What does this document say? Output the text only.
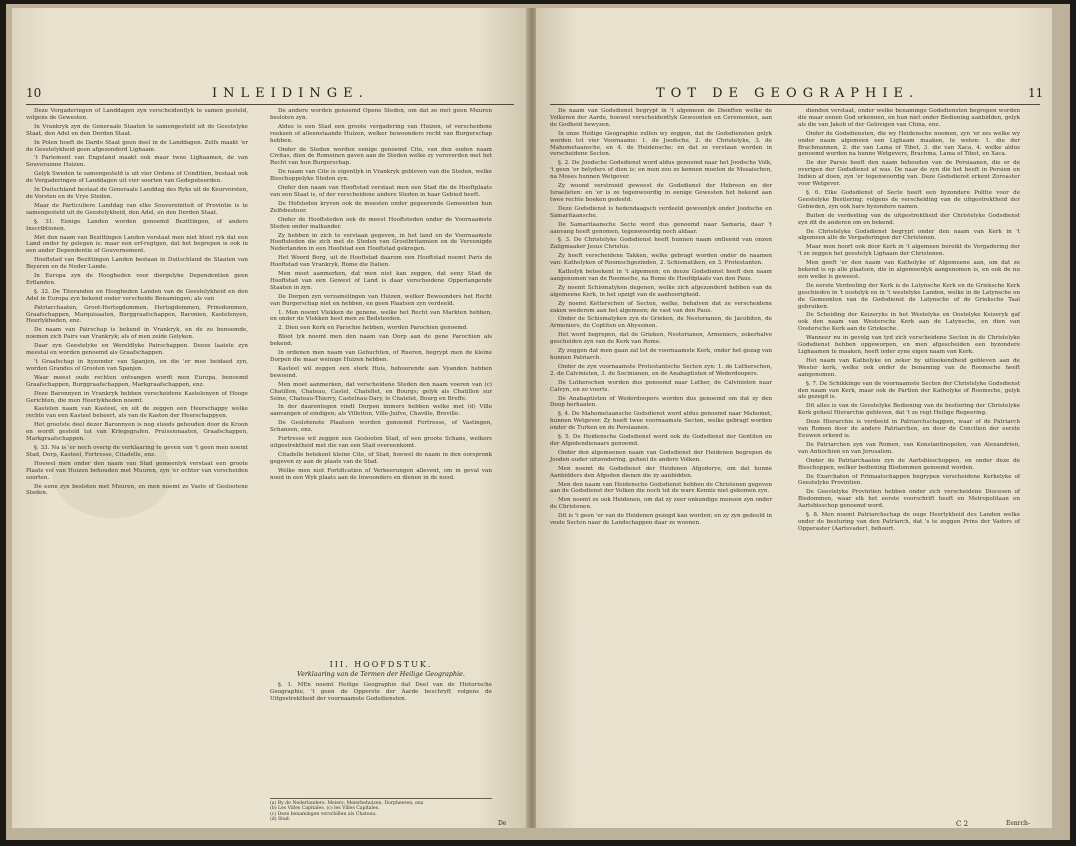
10	INLEIDINGE.

Deze Vergaderingen of Landdagen zyn verscheidentlyk te samen gesteld, volgens de Gewesten.

In Vrankryk zyn de Generaale Staaten te samengesteld uit de Geestelyke Staat, den Adel en den Derden Staat.

In Polen hoeft de Dardo Staat geen deel in de Landdagen. Zelfs maakt 'er de Geestelykheid geen afgezonderd Lighaam.

't Parlement van Engeland maakt ook maar twee Lighaamen, de van Souverainne Huizen.

Gelyk Sweden te samengesteld is uit vier Ordens of Conditien, bestaat ook de Vergaderingen of Landdagen uit vier soorten van Gedeputeerden.

In Duitschland bestaat de Generaale Landdag des Ryks uit de Keurvorsten, de Vorsten en de Vrye Steden.

Maar de Particuliere Landdag van elke Souvereiniteit of Provintie is te samengesteld uit de Geestelykheid, den Adel, en den Derden Staat.

§. 31. Eenige Landen worden genoemd Bezittingen, of anders Inscribtionen.

Met den naam van Bezittingen Landen verstaat men niet bloot ryk dat een Land onder hy gelegen is; maar een erf-regtgen, dat het begrepen is ook in een ander Dependentie of Gouvernement.

Hooftstad van Bezittingen Landen bestaan in Duitschland de Staaten van Beyeren en de Neder-Lande.

In Europa zyn de Hoogheden voor diergelyke Dependentien geen Erflanden.

§. 32. De Titeranden en Hoogheden Landen van de Geestelykheid en den Adel in Europa zyn bekend onder verscheide Benamingen; als van

Patriarchaaten, Groot-Hertogdommen, Hertogdommen, Prinsdommen, Graafschappen, Marquisaaten, Burggraafschappen, Baronien, Kastelenyen, Heerlykheden, enz.

De naam van Pairschap is bekend in Vrankryk, en de zo benoemde, noemen zich Pairs van Vrankryk; als of men zeide Gelyken.

Daar zyn Geestelyke en Wereldlyke Pairschappen. Deeze laatste zyn meestal en worden genoemd als Graafschappen.

't Graafschap in hyzonder van Spanjen, en die 'er mee beidaed zyn, worden Grandes of Grooten van Spanjen.

Waar meest oude rechten ontvangen wordt men Europa, benoemd Graafschappen, Burggraafschappen, Markgraafschappen, enz.

Deze Baronnyen in Vrankryk hebben verscheidene Kastelenyen of Hooge Gerichten, die men Heerlykheden noemt.

Kastelen naam van Kasteel, en uit de zeggen een Heerschappy welke rechte van een Kasteel beheert, als van de Kaston der Heerschappyen.

Het grootste deel dezer Baronnyen is nog steeds gehouden door de Kroon en wordt gesteld tot van Kriegsgrafen, Pruissionaaten, Graafschappen, Markgraafschappen.

§. 33. Na is 'er noch overig de verklaaring te geven van 't geen men noemt Stad, Dorp, Kasteel, Fortresse, Citadelle, enz.

Hoewel men onder den naam van Stad gemeenlyk verstaat een groote Plaats vol van Huizen behouden met Muuren, zyn 'er echter van verscheiden soorten.

De eene zyn besloten met Muuren, en men noemt ze Vaste of Geslootene Steden.

De andere worden genoemd Opene Steden, om dat ze met geen Muuren besloten zyn.

Aldus is een Stad een groote vergadering van Huizen, of verscheidene reeksen of alleenstaande Huizen, welker bewoonders recht van Burgerschap hebben.

Onder de Steden worden eenige genoemd Cite, van den ouden naam Civitas, dien de Romeinen gaven aan de Steden welke zy veroverden met het Recht van hun Burgerschap.

De naam van Cite is eigentlyk in Vrankryk gebleven van die Steden, welke Bisschoppelyke Steden zyn.

Onder den naam van Hooftstad verstaat men een Stad die de Hooftplaats van een Staat is, of der verscheidene andere Steden in haar Gebied heeft.

De Hofsteden kryven ook de meesten onder gegeerende Gemeenten hun Zelfsbestuur.

Onder de Hooftsteden ook de meest Hooftsteden onder de Voornaamste Steden onder malkander.

Zy hebben in zich te verstaan gegeven, in het land en de Voornaamste Hooftsteden die zich met de Steden van Grootbritannien en de Vereenigde Nederlanden in een Hoofstad een Hooftstad gekregen.

Het Woord Borg, uit de Hooftstad daarom een Hooftstad noemt Paris de Hooftstad van Vrankryk, Rome die Italien.

Men moet aanmerken, dat men niet kan zeggen, dat eeny Stad de Hooftstad van een Gewest of Land is daar verscheidene Opperlangende Staaten in zyn.

De Dorpen zyn verzamelingen van Huizen, welker Bewoonders het Recht van Burgerschap niet en hebben, en geen Plaatsen zyn verdeeld.

1. Men noemt Vlekken de genene, welke het Recht van Markten hebben, en onder de Vlekken heet men ze Bedsteeden.

2. Dien een Kerk en Parochie hebben, worden Parochien genoemd.

Bloot lyk noemt men den naam van Dorp aan de gene Parochien als bekend.

In ordenen men naam van Gehuchten, of Rueren, begrypt men de kleine Dorpen die maar weinige Huizen hebben.

Kasteel wil zeggen een sterk Huis, behoorende aan Vyanden hebben bewoond.

Men moet aanmerken, dat verscheidene Steden den naam voeren van (c) Chatillon, Chateau, Castel, Chatellet, en Bourgs; gelyk als Chatillon sur Seine, Chateau-Thierry, Castelnau-Dary, le Chatelet, Bourg en Breffe.

In der daarentegen vindt Dorpen immers hebben welke met (d) Ville aanvangen of eindigen; als Villetton, Ville-Juifve, Chaville, Breville.

De Geslotenste Plaatsen worden genoemd Fortresse, of Vastingen, Schansen, enz.

Fortresse wil zeggen een Geslooten Stad, of een groote Schans, welkers uitgestrektheid met die van een Stad overeenkomt.

Citadelle betekent kleine Cite, of Stad, hoewel de naam in den oorspronk gegeven zy aan de plaats van de Stad.

Welke men niet Fortificatien of Verkeerungen allevent, om in geval van nood in een Wyk plaats aan de Inwoonders en dienen in de nood.

III. HOOFDSTUK.
Verklaaring van de Termen der Heilige Geographie.

§. 1. MEn noemt Heilige Geographie dat Deel van de Historische Geographie, 't geen de Opperste der Aarde beschryft volgens de Uitgestrektheid der voornaamste Godsdiensten.

(a) By de Nederlanders: Meiers; Meierbehuizen, Dorpheeren, enz.
(b) Les Villes Capitales. (c) les Villes Capitales.
(c) Deze benamingen verschillen als Chateau.
(d) Stad.
De
TOT DE GEOGRAPHIE.	11

De naam van Godsdienst begrypt in 't algemeen de Dienften welke de Volkeren der Aarde, hoewel verscheidentlyk Gewoonten en Ceremonien, aan de Godheid bewyzen.

In onze Heilige Geographie zullen wy zeggen, dat de Godsdiensten gelyk worden tot vier Voornaame: 1. de Joodsche, 2. de Christelyke, 3. de Mahometaansche, en 4. de Heidensche; en dat ze verstaan worden in verscheidene Secten.

§. 2. De Joodsche Godsdienst word aldus genoemd naar het Joodsche Volk, 't geen 'er belyders of dien is; en men zou ze kennen moeten de Mosaischen, na Moses hunnen Wetgever.

Zy woond verstrooid geweest de Godsdienst der Hebreen en der Israelieten: en 'er is ze tegenwoordig in eenige Gewesten het bekend aan twee rechte boeken gedeeld.

Deze Godsdienst is hedendaagsch verdeeld gewoonlyk onder Joodsche en Samaritaansche.

De Samaritaansche Secte word dus genoemd naar Samaria, daar 't aanvang heeft genomen, tegenwoordig noch aldaar.

§. 3. De Christelyke Godsdienst heeft hunnen naam ontleend van onzen Zaligmaaker Jesus Christus.

Zy heeft verscheidene Takken, welke gebragt worden onder de naamen van: Katholyken of Roomschgezinden, 2. Schismatiken, en 3. Protestanten.

Katholyk beteekent in 't algemeen; en deeze Godsdienst heeft den naam aangenomen van de Roomsche, na Rome de Hoofdplaats van den Paus.

Zy noemt Schismatyken degenen, welke zich afgezonderd hebben van de algemeene Kerk, in het opzigt van de aanhoorigheid.

Zy noemt Ketterschen of Secten, welke, behalven dat ze verscheidene zaken wederom aan het algemeen; de vast van den Paus.

Onder de Schismatyken zyn de Grieken, de Nestorianen, de Jacobiten, de Armeniers, de Coptiten en Abyssinen.

Het word begrepen, dat de Grieken, Nestorianen, Armeniers, zekerhalve gescheiden zyn van de Kerk van Rome.

Zy zeggen dat men gaan zal tot de voornaamste Kerk, onder het gezag van hunnen Patriarch.

Onder de zyn voornaamste Protestantsche Secten zyn: 1. de Lutherschen, 2. de Calvinisten, 3. de Socinianen, en de Anabaptisten of Wederdoopers.

De Lutherschen worden dus genoemd naar Luther, de Calvinisten naar Calvyn, en zo voorts.

De Anabaptisten of Wederdoopers worden dus genoemd om dat zy den Doop herhaalen.

§. 4. De Mahometaansche Godsdienst word aldus genoemd naar Mahomet, hunnen Wetgever. Zy heeft twee voornaamste Secten, welke gebragt worden onder de Turken en de Persiaanen.

§. 5. De Heidensche Godsdienst word ook de Godsdienst der Gentilen en der Afgodendienaars genoemd.

Onder den algemeenen naam van Godsdienst der Heidenen begrepen de Jooden ouder uitzondering, geheel de andere Volken.

Men noemt de Godsdienst der Heidenen Afgoderye, om dat hunne Aanbidders den Afgoden dienen die zy aanbidden.

Men den naam van Heidensche Godsdienst hebben de Christenen gegeven aan de Godsdienst der Volken die noch tot de ware Kennis niet gekomen zyn.

Men noemt ze ook Heidenen, om dat zy zeer onkundige mensen zyn onder de Christenen.

Dit is 't geen 'er van de Heidenen gezegd kan worden; en zy zyn gedeeld in veele Secten naar de Landschappen daar ze woonen.

dienden verstaat, onder welke benaminge Godsdiensten begrepen worden die maar eenen God erkennen, en hun niet onder Bediening aanbidden, gelyk als die van Jakob of der Gelovigen van China, enz.

Onder de Godsdiensten, die wy Heidensche noemen, zyn 'er zes welke wy onder naam algemeen een Lighaam maaken, te weten: 1. die der Brachmannen, 2. die van Lama of Tibet, 3. die van Xaca, 4. welke aldus genoemd worden na hunne Wetgevers, Brachma, Lama of Tibet, en Xaca.

De der Parsis heeft den naam behouden van de Persiaanen, die er de overigen der Godsdienst af was. De naar de zyn die het heeft in Persien en Indien af doen, zyn 'er tegenwoordig van. Deze Godsdienst erkent Zoroaster voor Wetgever.

§. 6. Elke Godsdienst of Secte heeft een byzondere Politie voor de Geestelyke Bestiering; volgens de verscheiding van de uitgestrektheid der Gebieden, zyn ook hare byzondere namen.

Buiten de verdeeling van de uitgestrektheid der Christelyke Godsdienst zyn dit de anderen om en bekend.

De Christelyke Godsdienst begrypt onder den naam van Kerk in 't algemeen alle de Vergaderingen der Christenen.

Maar men hoort ook door Kerk in 't algemeen bereikt de Vergadering der 't ze zeggen het geestelyk Lighaam der Christenen.

Men geeft 'er den naam van Katholyke of Algemeene aan, om dat ze bekend is op alle plaatsen, die in algemeenlyk aangenomen is, en ook de nu een welke is geweest.

De eerste Verdeeling der Kerk is de Latynsche Kerk en de Grieksche Kerk geschieden in 't oostelyk en in 't westelyke Landen, welke in de Latynsche en de Gemeenten van de Godsdienst de Latynsche of de Grieksche Taal gebruiken.

De Scheiding der Keizeryks in het Westelyke en Oostelyke Keizeryk gaf ook den naam van Westersche Kerk aan de Latynsche, en dien van Oostersche Kerk aan de Grieksche.

Wanneer nu in gevolg van tyd zich verscheidene Secten in de Christelyke Godsdienst hebben opgeworpen, en men afgescheiden een byzondere Lighaamen te maaken, heeft ieder zyne eigen naam van Kerk.

Het naam van Katholyke en zeker by uitlookendheid gebleven aan de Wester kerk, welke ook onder de benaming van de Roomsche heeft aangenomen.

§. 7. De Schikkinge van de voornaamste Secten der Christelyke Godsdienst den naam van Kerk, maar ook de Partien der Katholyke of Roomsche, gelyk als gezegd is.

Dit alles is van de Geestelyke Bediening van de bestiering der Christelyke Kerk geheel Hierarchie gebleven, dat 't ze regt Heilige Regeering.

Deze Hierarchie is verdeeld in Patriarchschappen, waar of de Patriarch van Romen door de andere Patriarchen, en door de Concilien der eerste Eeuwen erkend is.

De Patriarchen zyn van Romen, van Konstantinopolen, van Alexandrien, van Antiochien en van Jerusalem.

Onder de Patriarchaaten zyn de Aartsbisschoppen, en onder deze de Bisschoppen, welker bediening Bisdommen genoemd worden.

De Exarchaten of Primaatschappen begrypen verscheidene Kerkelyke of Geestelyke Provintien.

De Geestelyke Provintien hebben onder zich verscheidene Diocesen of Bisdommen, waar elk het eerste voorschrift heeft en Metropolitaan en Aartsbisschop genoemd word.

§. 8. Men noemt Patriarchschap de ouge Heerlykheid des Landen welke onder de besturing van den Patriarch, dat 's te zeggen Prins der Vaders of Opperaster (Aartsvader), behoort.

C 2	Eenrch-
